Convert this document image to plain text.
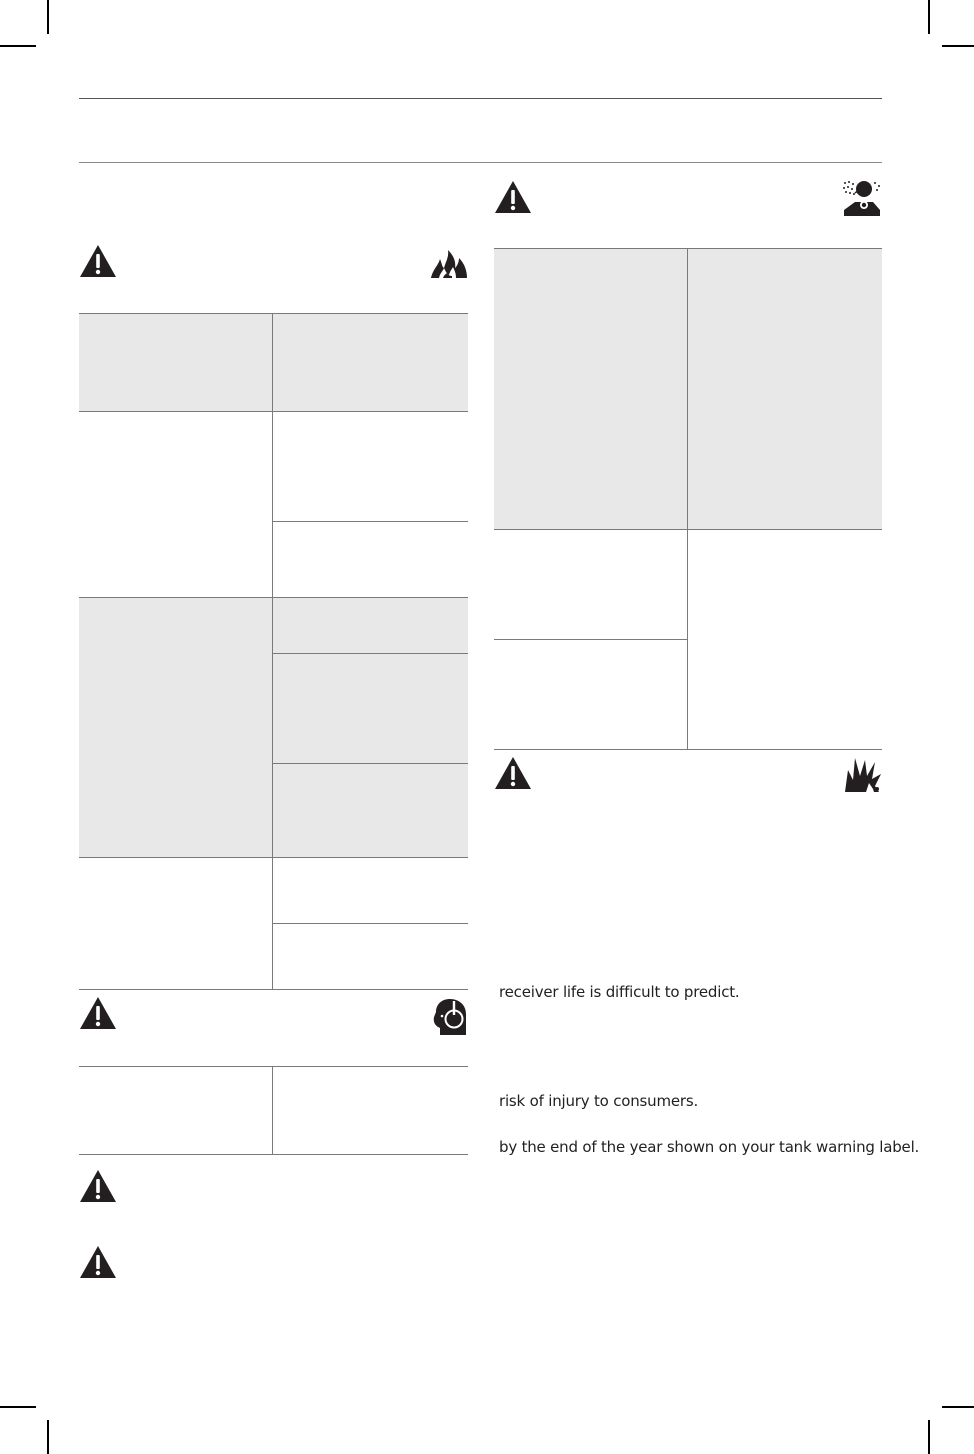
receiver life is difficult to predict.
risk of injury to consumers.
by the end of the year shown on your tank warning label.
